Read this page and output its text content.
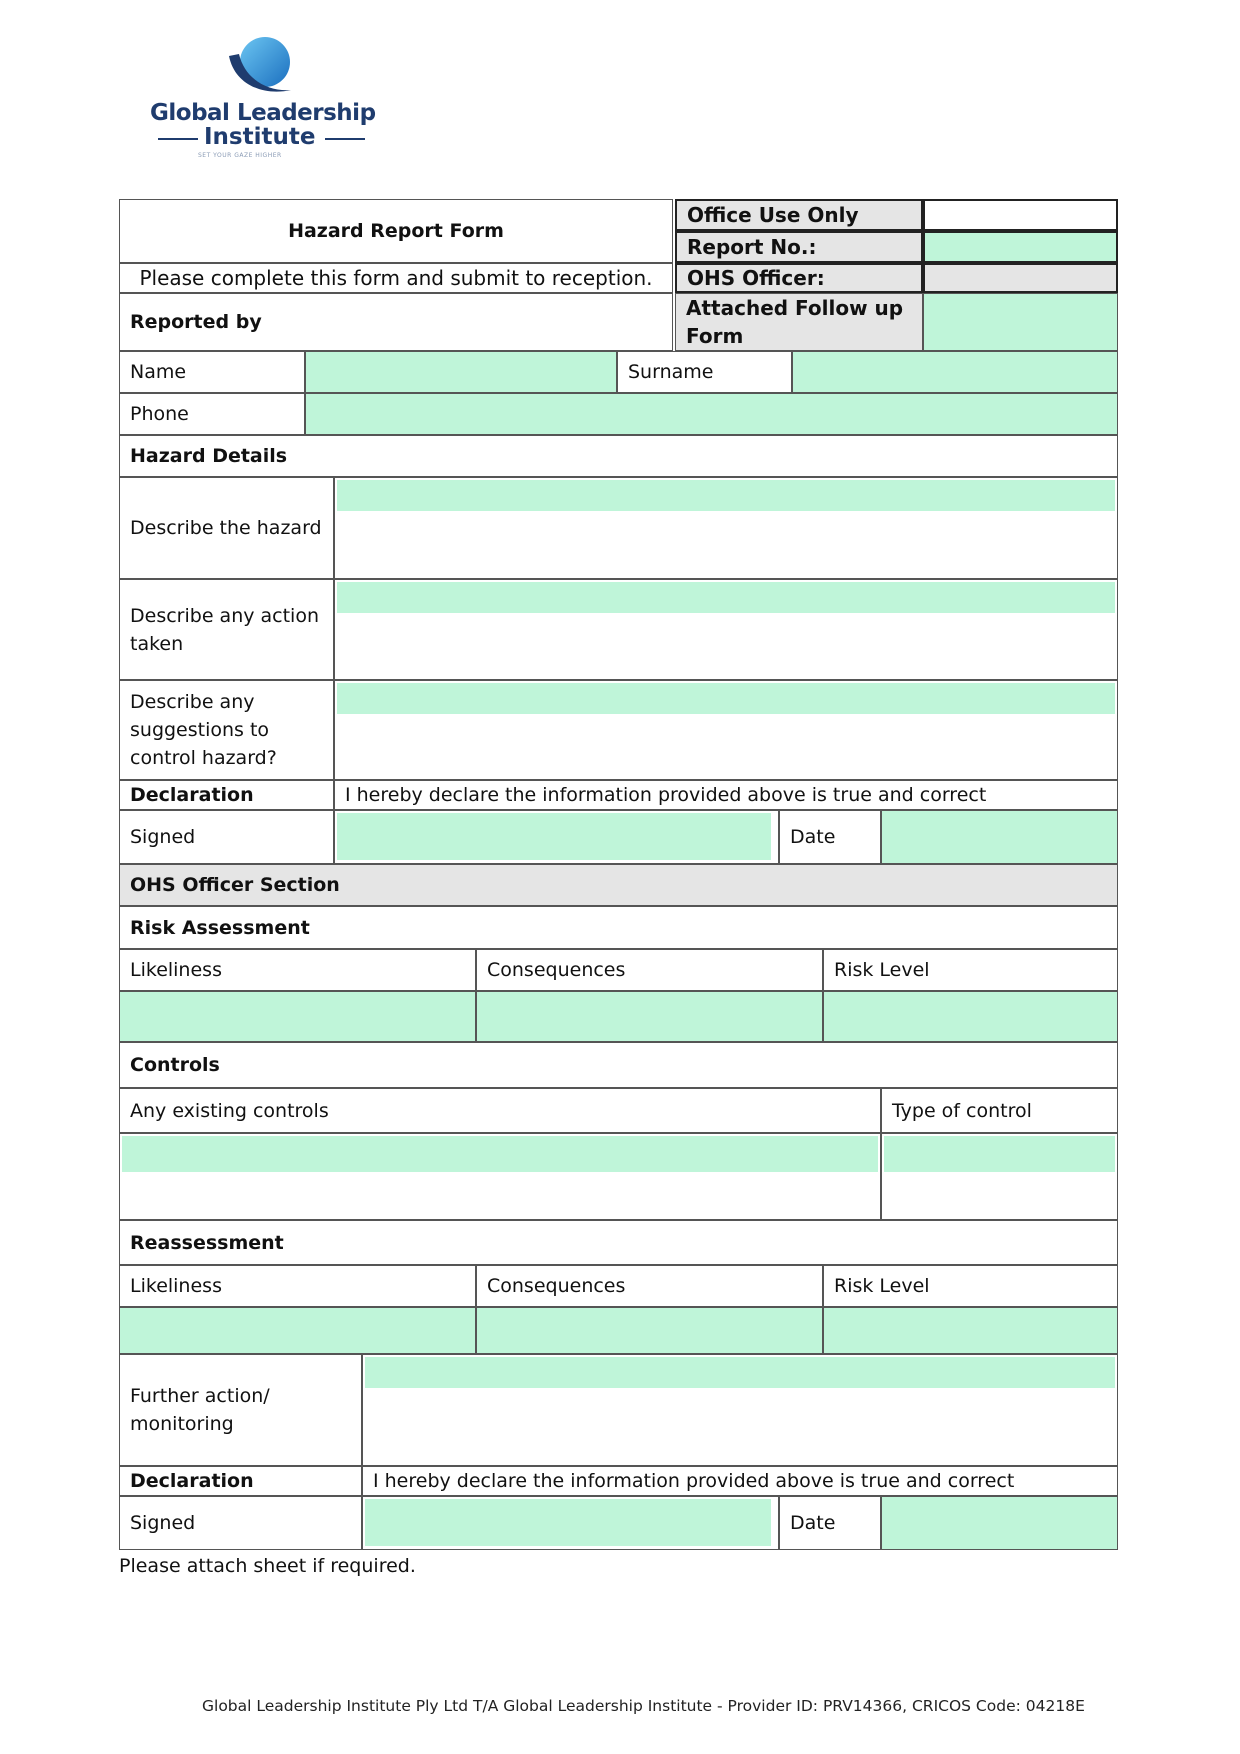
Global Leadership
Institute
SET YOUR GAZE HIGHER
Hazard Report Form
Please complete this form and submit to reception.
Reported by
Office Use Only
Report No.:
OHS Officer:
Attached Follow up Form
Name	Surname
Phone
Hazard Details
Describe the hazard
Describe any action taken
Describe any suggestions to control hazard?
Declaration	I hereby declare the information provided above is true and correct
Signed	Date
OHS Officer Section
Risk Assessment
Likeliness	Consequences	Risk Level
Controls
Any existing controls	Type of control
Reassessment
Likeliness	Consequences	Risk Level
Further action/ monitoring
Declaration	I hereby declare the information provided above is true and correct
Signed	Date
Please attach sheet if required.
Global Leadership Institute Ply Ltd T/A Global Leadership Institute - Provider ID: PRV14366, CRICOS Code: 04218E
